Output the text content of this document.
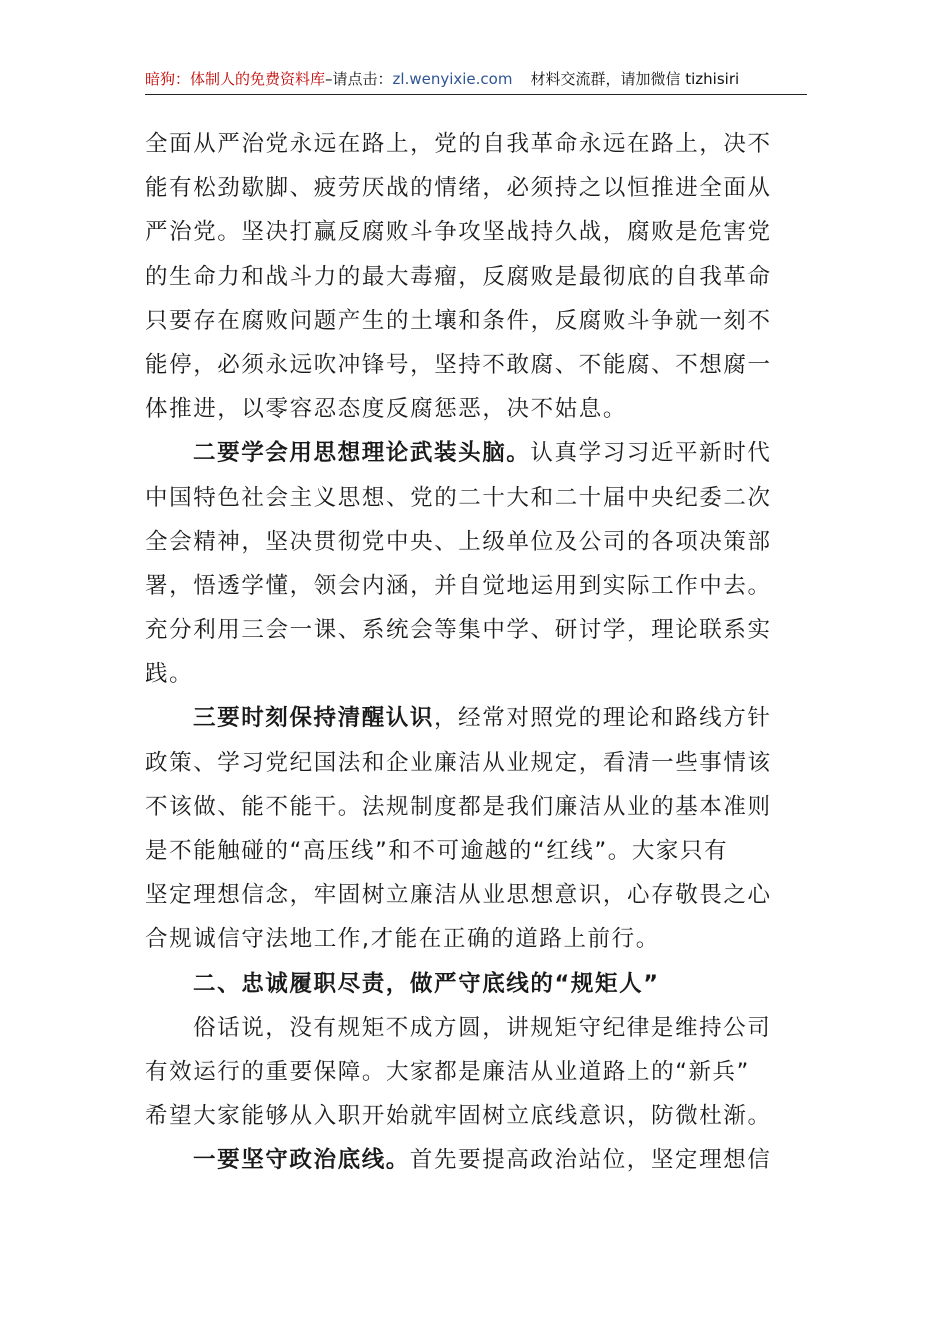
暗狗：体制人的免费资料库–请点击：zl.wenyixie.com 材料交流群，请加微信 tizhisiri
全面从严治党永远在路上，党的自我革命永远在路上，决不
能有松劲歇脚、疲劳厌战的情绪，必须持之以恒推进全面从
严治党。坚决打赢反腐败斗争攻坚战持久战，腐败是危害党
的生命力和战斗力的最大毒瘤，反腐败是最彻底的自我革命
只要存在腐败问题产生的土壤和条件，反腐败斗争就一刻不
能停，必须永远吹冲锋号，坚持不敢腐、不能腐、不想腐一
体推进，以零容忍态度反腐惩恶，决不姑息。
二要学会用思想理论武装头脑。认真学习习近平新时代
中国特色社会主义思想、党的二十大和二十届中央纪委二次
全会精神，坚决贯彻党中央、上级单位及公司的各项决策部
署，悟透学懂，领会内涵，并自觉地运用到实际工作中去。
充分利用三会一课、系统会等集中学、研讨学，理论联系实
践。
三要时刻保持清醒认识，经常对照党的理论和路线方针
政策、学习党纪国法和企业廉洁从业规定，看清一些事情该
不该做、能不能干。法规制度都是我们廉洁从业的基本准则
是不能触碰的“高压线”和不可逾越的“红线”。大家只有
坚定理想信念，牢固树立廉洁从业思想意识，心存敬畏之心
合规诚信守法地工作,才能在正确的道路上前行。
二、忠诚履职尽责，做严守底线的“规矩人”
俗话说，没有规矩不成方圆，讲规矩守纪律是维持公司
有效运行的重要保障。大家都是廉洁从业道路上的“新兵”
希望大家能够从入职开始就牢固树立底线意识，防微杜渐。
一要坚守政治底线。首先要提高政治站位，坚定理想信
